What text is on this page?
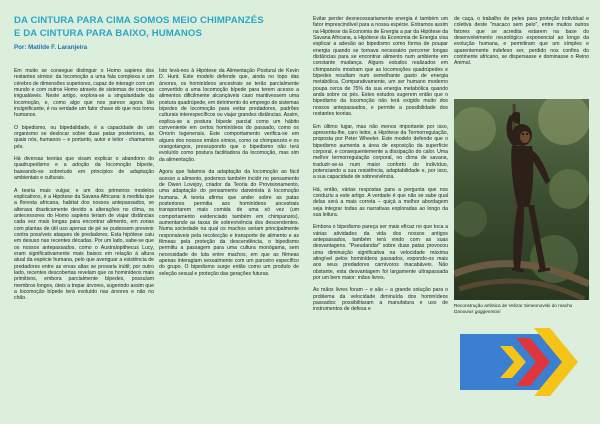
DA CINTURA PARA CIMA SOMOS MEIO CHIMPANZÉS
E DA CINTURA PARA BAIXO, HUMANOS
Por: Matilde F. Laranjeira

Em muito se consegue distinguir o Homo sapiens dos restantes símios: da locomoção a uma fala complexa e um cérebro de dimensões superiores, capaz de interagir com um mundo e com outros Homo através de sistemas de crenças inigualáveis. Neste artigo, explora-se a singularidade da locomoção, e, como algo que nos parece agora tão insignificante, é na verdade um fator chave do que nos torna humanos.

O bipedismo, ou bipedalidade, é a capacidade de um organismo se deslocar sobre duas patas posteriores, as quais nós, humanos – e portanto, autor e leitor - chamamos pés.

Há diversas teorias que visam explicar o abandono do quadrupedismo e a adoção da locomoção bípede, baseando-se sobretudo em princípios de adaptação ambientais e culturais.

A teoria mais vulgar, e um dos primeiros modelos explicativos, é a Hipótese da Savana Africana: à medida que a floresta africana, habitat dos nossos antepassados, se alterava drasticamente devido a alterações no clima, os antecessores do Homo sapiens teriam de viajar distâncias cada vez mais longas para encontrar alimento, em zonas com plantas de útil uso apenas de pé se pudessem prevenir contra possíveis ataques de predadores. Esta hipótese caiu em desuso nas recentes décadas. Por um lado, sabe-se que os nossos antepassados, como o Australopithecus Lucy, eram significativamente mais baixos em relação à altura atual da espécie humana, pelo que averiguar a existência de predadores entre as ervas altas se provaria inútil; por outro lado, recentes descobertas revelam que os hominídeos mais primitivos, embora parcialmente bípedes, possuíam membros longos, úteis a trepar árvores, sugerindo assim que a locomoção bípede terá evoluído nas árvores e não no chão.

Isto levá-nos à Hipótese da Alimentação Postural de Kevin D. Hunt. Este modelo defende que, ainda no topo das árvores, os hominídeos ancestrais se terão parcialmente convertido a uma locomoção bípede para terem acesso a alimentos dificilmente alcançáveis caso mantivessem uma postura quadrúpede, em detrimento do emprego de sistemas bípedes de locomoção para evitar predadores, padrões culturais interespecíficos ou viajar grandes distâncias. Assim, explica-se a postura bípede parcial como um hábito conveniente em certos hominídeos do passado, como os Orrorin tugenensis. Este comportamento verifica-se em alguns dos nossos irmãos símios, como os chimpanzés e os orangotangos, pressupondo que o bipedismo não terá evoluído como postura facilitadora da locomoção, mas sim da alimentação.

Agora que falamos da adaptação da locomoção ao fácil acesso a alimento, podemos também incidir no pensamento de Owen Lovejoy, criador da Teoria do Provisionamento, uma adaptação do pensamento darwinista à locomoção humana. A teoria afirma que ander sobre as patas posteriores permitia aos hominídeos ancestrais transportarem mais comida de uma só vez (um comportamento evidenciado também em chimpanzés), aumentando as taxas de sobrevivência dos descendentes. Numa sociedade na qual os machos seriam principalmente responsáveis pela recolecção e transporte de alimento e as fêmeas pela proteção da descendência, o bipedismo permitiu a passagem para uma cultura monógama, sem necessidade de luta entre machos, em que as fêmeas apenas interagiam sexualmente com um parceiro específico do grupo. O bipedismo surge então como um produto de seleção sexual e proteção das gerações futuras.

Evitar perder desnecessariamente energia é também um fator imprescindível para a nossa espécie. Entramos assim na Hipótese da Economia de Energia a par da Hipótese da Savana Africana, a Hipótese da Economia de Energia visa explicar a adesão ao bipedismo como forma de poupar energia quando se tornava necessário percorrer longas distâncias para se encontrar alimento num ambiente em constante mudança. Alguns estudos realizados em chimpanzés mostram que as locomoções quadrúpedes e bípedes resultam num semelhante gasto de energia metabólica. Comparativamente, um ser humano moderno poupa cerca de 75% da sua energia metabólica quando anda sobre os pés. Estes estudos sugerem então que o bipedismo da locomoção não terá exigido muito dos nossos antepassados, e permite a possibilidade dos restantes teorias.

Em último lugar, mas não menos importante por isso, apresenta-lhe, caro leitor, a Hipótese da Termorregulação, proposta por Peter Wheeler. Este modelo defende que o bipedismo aumenta a área de exposição da superfície corporal, e consequentemente a dissipação do calor. Uma melhor termorregulação corporal, no clima de savana, traduzir-se-ia num maior conforto do indivíduo, potenciando a sua resistência, adaptabilidade e, por isso, a sua capacidade de sobrevivência.

Há, então, várias respostas para a pergunta que nos conduziu a este artigo. A verdade é que não se sabe qual delas será a mais correta – quiçá a melhor abordagem seja integrar todas as narrativas exploradas ao longo da sua leitura.

Embora o bipedismo pareça ser mais eficaz no que toca a várias atividades da vida dos nossos antigos antepassados, também terá vindo com as suas desvantagens. "Pseudandar" sobre duas patas provocou uma diminuição significativa na velocidade máxima atingível pelos hominídeos passados, expondo-os mais aos seus predadores carnívoros inacabáveis. Não obstante, esta desvantagem foi largamente ultrapassada por um bem maior: mãos livres.

As mãos livres foram – e são – a grande solução para o problema da velocidade diminuída dos hominídeos passados: possibilitaram a manufatura e uso de instrumentos de defesa e

de caça, o trabalho de peles para proteção individual e coletiva deste "macaco sem pelo", entre muitos outros fatores que se acredita estarem na base do desenvolvimento neurológico exponencial ao longo da evolução humana, e permitiram que um símples e aparentemente indefeso ser, perdido nos confins do continente africano, se dispersasse e dominasse o Reino Animal.

Reconstrução artística de Velizar Simeonovski do macho Danuvius guggenmosi
